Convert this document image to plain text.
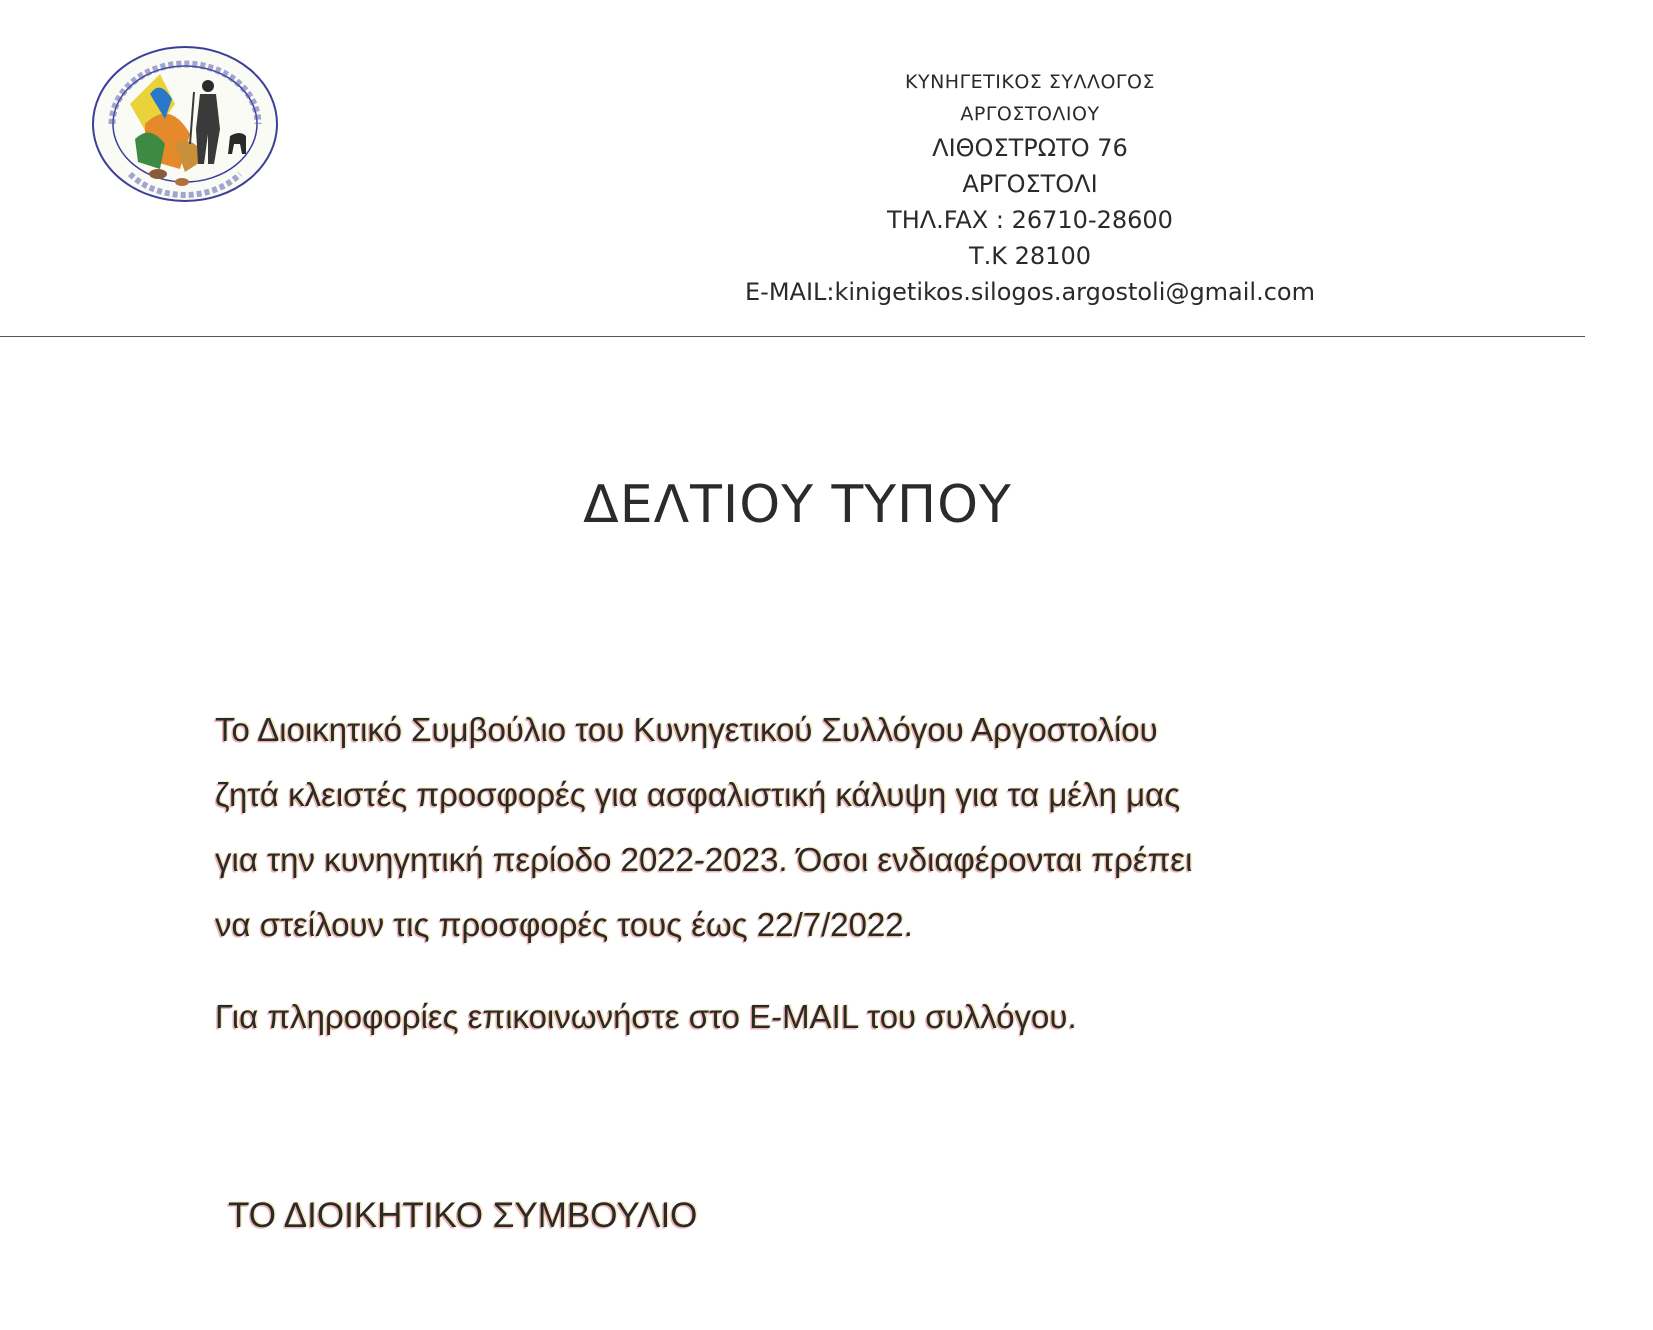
ΚΥΝΗΓΕΤΙΚΟΣ ΣΥΛΛΟΓΟΣ
ΑΡΓΟΣΤΟΛΙΟΥ
ΛΙΘΟΣΤΡΩΤΟ 76
ΑΡΓΟΣΤΟΛΙ
ΤΗΛ.FAX : 26710-28600
Τ.Κ 28100
E-MAIL:kinigetikos.silogos.argostoli@gmail.com
ΔΕΛΤΙΟΥ ΤΥΠΟΥ
Το Διοικητικό Συμβούλιο του Κυνηγετικού Συλλόγου Αργοστολίου
ζητά κλειστές προσφορές για ασφαλιστική κάλυψη για τα μέλη μας
για την κυνηγητική περίοδο 2022-2023. Όσοι ενδιαφέρονται πρέπει
να στείλουν τις προσφορές τους έως 22/7/2022.
Για πληροφορίες επικοινωνήστε στο E-MAIL του συλλόγου.
ΤΟ ΔΙΟΙΚΗΤΙΚΟ ΣΥΜΒΟΥΛΙΟ
